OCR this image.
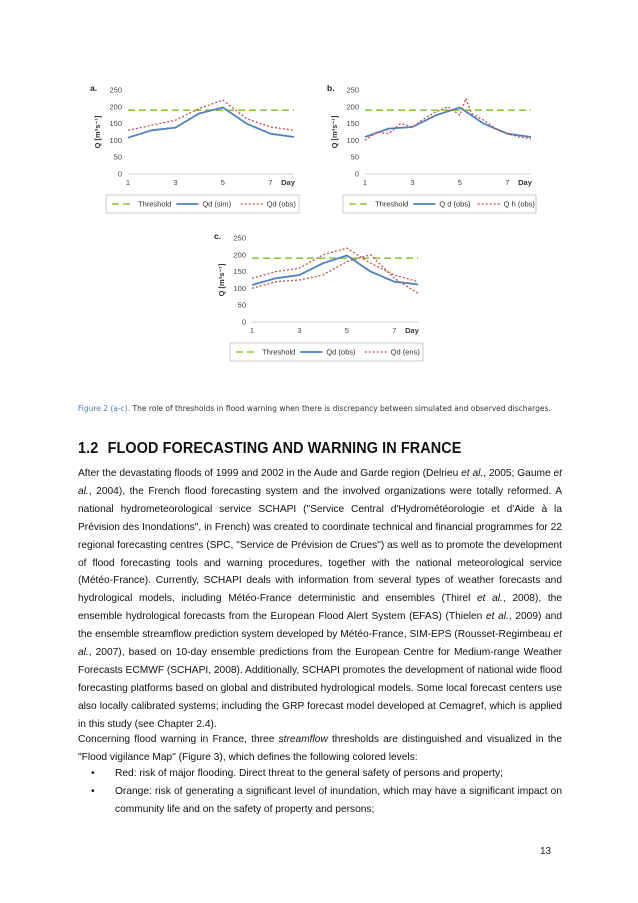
a.
Q [m³s⁻¹]
0
50
100
150
200
250
1	3	5	7 Day
Threshold	Qd (sim)	Qd (obs)
b.
Q [m³s⁻¹]
0
50
100
150
200
250
1	3	5	7 Day
Threshold	Q d (obs)	Q h (obs)
c.
Q [m³s⁻¹]
0
50
100
150
200
250
1	3	5	7 Day
Threshold	Qd (obs)	Qd (ens)
Figure 2 (a-c). The role of thresholds in flood warning when there is discrepancy between simulated and observed discharges.
1.2 FLOOD FORECASTING AND WARNING IN FRANCE

After the devastating floods of 1999 and 2002 in the Aude and Garde region (Delrieu et al., 2005; Gaume et al., 2004), the French flood forecasting system and the involved organizations were totally reformed. A national hydrometeorological service SCHAPI ("Service Central d'Hydrométéorologie et d'Aide à la Prévision des Inondations", in French) was created to coordinate technical and financial programmes for 22 regional forecasting centres (SPC, "Service de Prévision de Crues") as well as to promote the development of flood forecasting tools and warning procedures, together with the national meteorological service (Météo-France). Currently, SCHAPI deals with information from several types of weather forecasts and hydrological models, including Météo-France deterministic and ensembles (Thirel et al., 2008), the ensemble hydrological forecasts from the European Flood Alert System (EFAS) (Thielen et al., 2009) and the ensemble streamflow prediction system developed by Météo-France, SIM-EPS (Rousset-Regimbeau et al., 2007), based on 10-day ensemble predictions from the European Centre for Medium-range Weather Forecasts ECMWF (SCHAPI, 2008). Additionally, SCHAPI promotes the development of national wide flood forecasting platforms based on global and distributed hydrological models. Some local forecast centers use also locally calibrated systems; including the GRP forecast model developed at Cemagref, which is applied in this study (see Chapter 2.4).

Concerning flood warning in France, three streamflow thresholds are distinguished and visualized in the "Flood vigilance Map" (Figure 3), which defines the following colored levels:

• Red: risk of major flooding. Direct threat to the general safety of persons and property;
• Orange: risk of generating a significant level of inundation, which may have a significant impact on community life and on the safety of property and persons;
13
